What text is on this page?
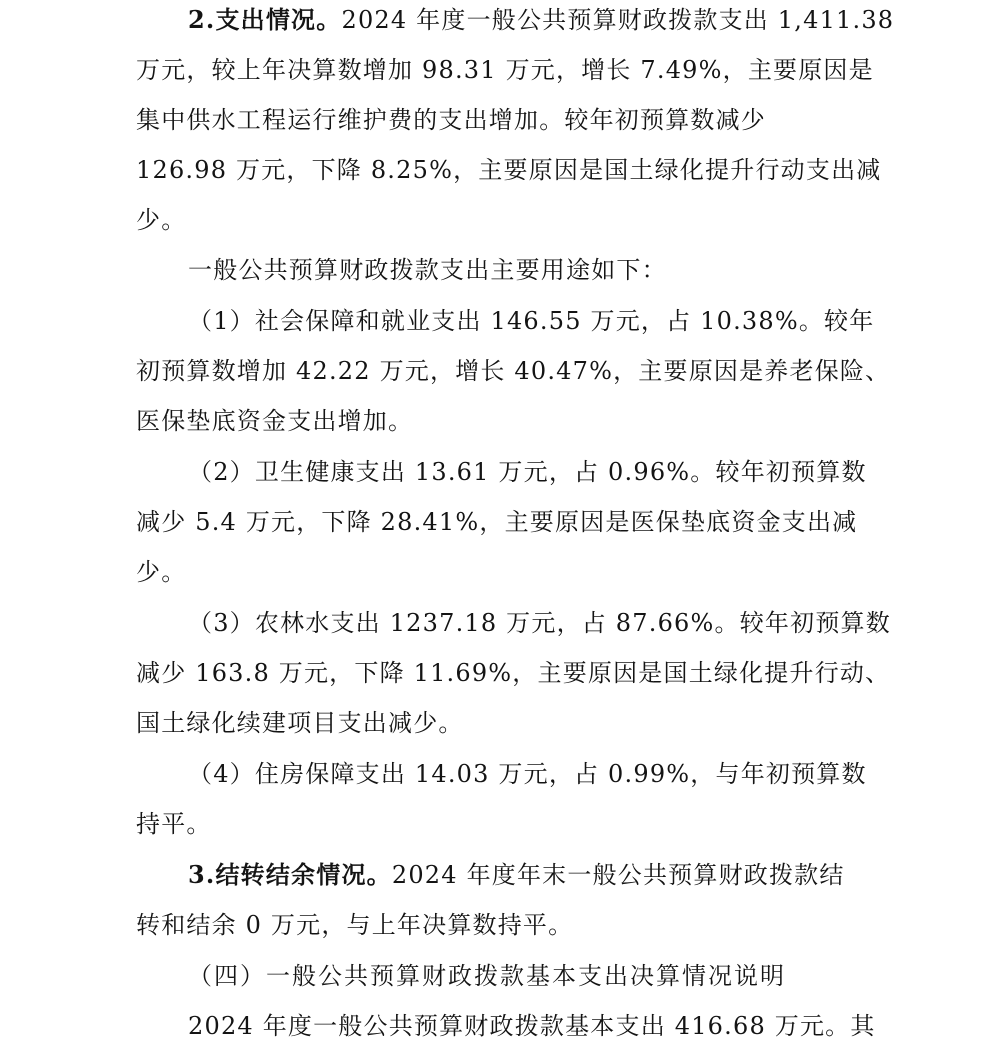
2.支出情况。2024 年度一般公共预算财政拨款支出 1,411.38
万元，较上年决算数增加 98.31 万元，增长 7.49%，主要原因是
集中供水工程运行维护费的支出增加。较年初预算数减少
126.98 万元，下降 8.25%，主要原因是国土绿化提升行动支出减
少。
一般公共预算财政拨款支出主要用途如下：
（1）社会保障和就业支出 146.55 万元，占 10.38%。较年
初预算数增加 42.22 万元，增长 40.47%，主要原因是养老保险、
医保垫底资金支出增加。
（2）卫生健康支出 13.61 万元，占 0.96%。较年初预算数
减少 5.4 万元，下降 28.41%，主要原因是医保垫底资金支出减
少。
（3）农林水支出 1237.18 万元，占 87.66%。较年初预算数
减少 163.8 万元，下降 11.69%，主要原因是国土绿化提升行动、
国土绿化续建项目支出减少。
（4）住房保障支出 14.03 万元，占 0.99%，与年初预算数
持平。
3.结转结余情况。2024 年度年末一般公共预算财政拨款结
转和结余 0 万元，与上年决算数持平。
（四）一般公共预算财政拨款基本支出决算情况说明
2024 年度一般公共预算财政拨款基本支出 416.68 万元。其
